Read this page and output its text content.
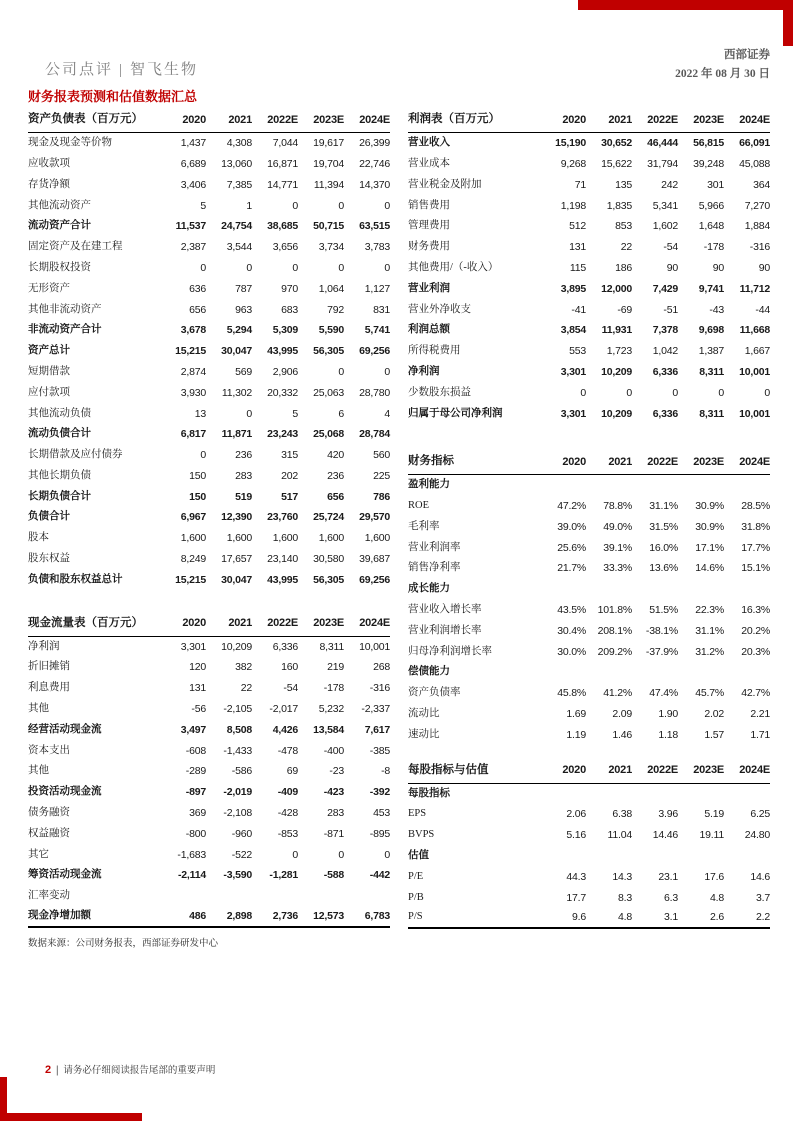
公司点评 | 智飞生物
西部证券
2022 年 08 月 30 日
财务报表预测和估值数据汇总
资产负债表（百万元）	2020	2021	2022E	2023E	2024E
现金及现金等价物	1,437	4,308	7,044	19,617	26,399
应收款项	6,689	13,060	16,871	19,704	22,746
存货净额	3,406	7,385	14,771	11,394	14,370
其他流动资产	5	1	0	0	0
流动资产合计	11,537	24,754	38,685	50,715	63,515
固定资产及在建工程	2,387	3,544	3,656	3,734	3,783
长期股权投资	0	0	0	0	0
无形资产	636	787	970	1,064	1,127
其他非流动资产	656	963	683	792	831
非流动资产合计	3,678	5,294	5,309	5,590	5,741
资产总计	15,215	30,047	43,995	56,305	69,256
短期借款	2,874	569	2,906	0	0
应付款项	3,930	11,302	20,332	25,063	28,780
其他流动负债	13	0	5	6	4
流动负债合计	6,817	11,871	23,243	25,068	28,784
长期借款及应付债券	0	236	315	420	560
其他长期负债	150	283	202	236	225
长期负债合计	150	519	517	656	786
负债合计	6,967	12,390	23,760	25,724	29,570
股本	1,600	1,600	1,600	1,600	1,600
股东权益	8,249	17,657	23,140	30,580	39,687
负债和股东权益总计	15,215	30,047	43,995	56,305	69,256
现金流量表（百万元）	2020	2021	2022E	2023E	2024E
净利润	3,301	10,209	6,336	8,311	10,001
折旧摊销	120	382	160	219	268
利息费用	131	22	-54	-178	-316
其他	-56	-2,105	-2,017	5,232	-2,337
经营活动现金流	3,497	8,508	4,426	13,584	7,617
资本支出	-608	-1,433	-478	-400	-385
其他	-289	-586	69	-23	-8
投资活动现金流	-897	-2,019	-409	-423	-392
债务融资	369	-2,108	-428	283	453
权益融资	-800	-960	-853	-871	-895
其它	-1,683	-522	0	0	0
筹资活动现金流	-2,114	-3,590	-1,281	-588	-442
汇率变动
现金净增加额	486	2,898	2,736	12,573	6,783
数据来源：公司财务报表，西部证券研发中心
利润表（百万元）	2020	2021	2022E	2023E	2024E
营业收入	15,190	30,652	46,444	56,815	66,091
营业成本	9,268	15,622	31,794	39,248	45,088
营业税金及附加	71	135	242	301	364
销售费用	1,198	1,835	5,341	5,966	7,270
管理费用	512	853	1,602	1,648	1,884
财务费用	131	22	-54	-178	-316
其他费用/（-收入）	115	186	90	90	90
营业利润	3,895	12,000	7,429	9,741	11,712
营业外净收支	-41	-69	-51	-43	-44
利润总额	3,854	11,931	7,378	9,698	11,668
所得税费用	553	1,723	1,042	1,387	1,667
净利润	3,301	10,209	6,336	8,311	10,001
少数股东损益	0	0	0	0	0
归属于母公司净利润	3,301	10,209	6,336	8,311	10,001
财务指标	2020	2021	2022E	2023E	2024E
盈利能力
ROE	47.2%	78.8%	31.1%	30.9%	28.5%
毛利率	39.0%	49.0%	31.5%	30.9%	31.8%
营业利润率	25.6%	39.1%	16.0%	17.1%	17.7%
销售净利率	21.7%	33.3%	13.6%	14.6%	15.1%
成长能力
营业收入增长率	43.5%	101.8%	51.5%	22.3%	16.3%
营业利润增长率	30.4%	208.1%	-38.1%	31.1%	20.2%
归母净利润增长率	30.0%	209.2%	-37.9%	31.2%	20.3%
偿债能力
资产负债率	45.8%	41.2%	47.4%	45.7%	42.7%
流动比	1.69	2.09	1.90	2.02	2.21
速动比	1.19	1.46	1.18	1.57	1.71
每股指标与估值	2020	2021	2022E	2023E	2024E
每股指标
EPS	2.06	6.38	3.96	5.19	6.25
BVPS	5.16	11.04	14.46	19.11	24.80
估值
P/E	44.3	14.3	23.1	17.6	14.6
P/B	17.7	8.3	6.3	4.8	3.7
P/S	9.6	4.8	3.1	2.6	2.2
2 | 请务必仔细阅读报告尾部的重要声明
